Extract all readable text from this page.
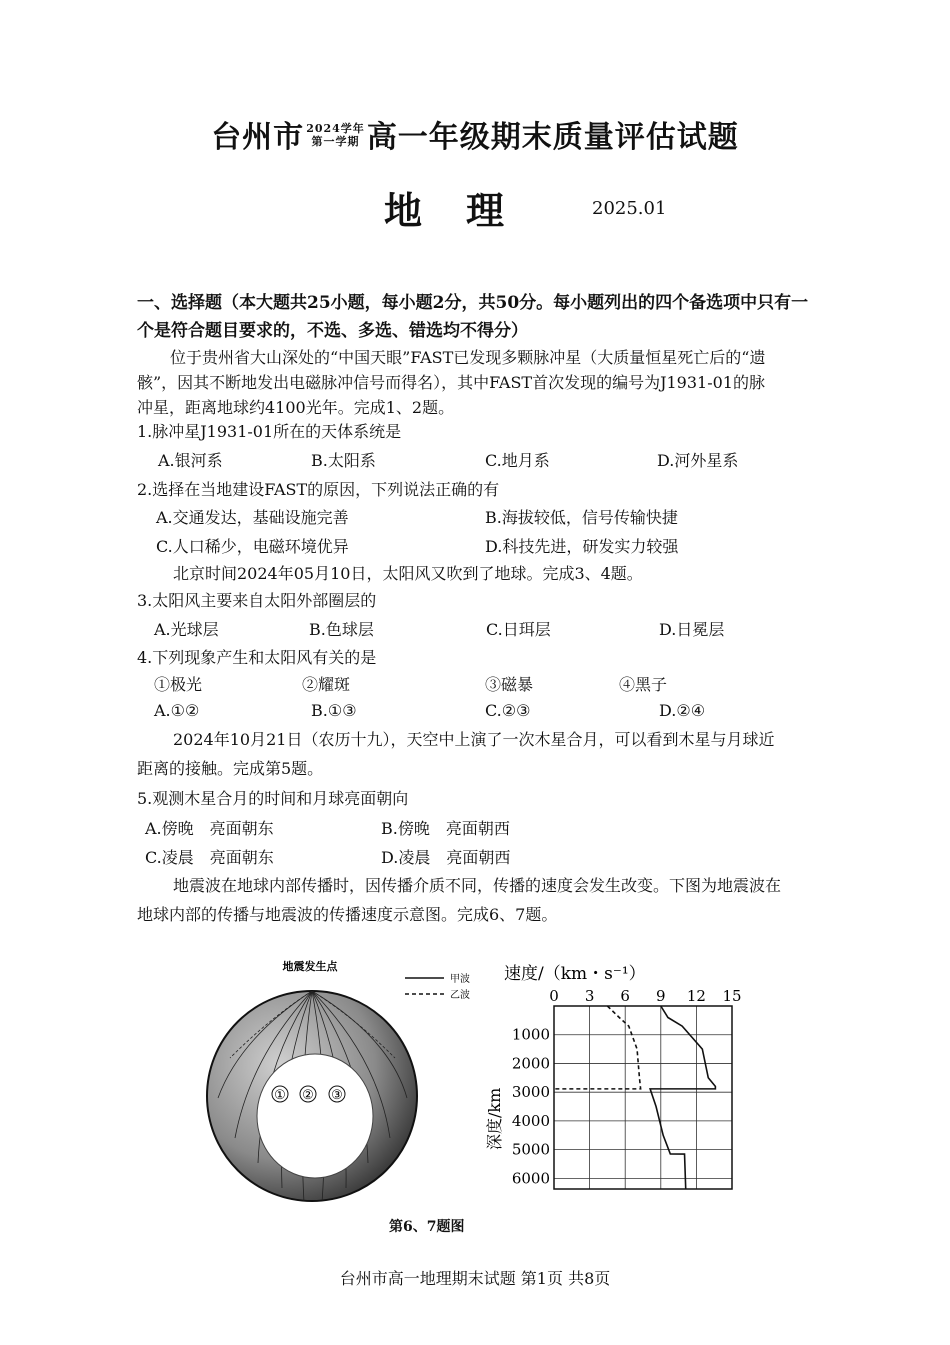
台州市 2024学年
第一学期 高一年级期末质量评估试题
地理 2025.01
一、选择题（本大题共25小题，每小题2分，共50分。每小题列出的四个备选项中只有一
个是符合题目要求的，不选、多选、错选均不得分）
位于贵州省大山深处的“中国天眼”FAST已发现多颗脉冲星（大质量恒星死亡后的“遗
骸”，因其不断地发出电磁脉冲信号而得名），其中FAST首次发现的编号为J1931-01的脉
冲星，距离地球约4100光年。完成1、2题。
1.脉冲星J1931-01所在的天体系统是
A.银河系	B.太阳系	C.地月系	D.河外星系
2.选择在当地建设FAST的原因，下列说法正确的有
A.交通发达，基础设施完善	B.海拔较低，信号传输快捷
C.人口稀少，电磁环境优异	D.科技先进，研发实力较强
北京时间2024年05月10日，太阳风又吹到了地球。完成3、4题。
3.太阳风主要来自太阳外部圈层的
A.光球层	B.色球层	C.日珥层	D.日冕层
4.下列现象产生和太阳风有关的是
①极光	②耀斑	③磁暴	④黑子
A.①②	B.①③	C.②③	D.②④
2024年10月21日（农历十九），天空中上演了一次木星合月，可以看到木星与月球近
距离的接触。完成第5题。
5.观测木星合月的时间和月球亮面朝向
A.傍晚　亮面朝东	B.傍晚　亮面朝西
C.凌晨　亮面朝东	D.凌晨　亮面朝西
地震波在地球内部传播时，因传播介质不同，传播的速度会发生改变。下图为地震波在
地球内部的传播与地震波的传播速度示意图。完成6、7题。
① ② ③
地震发生点
甲波
乙波
速度/（km・s⁻¹）
0 3 6 9 12 15
1000
2000
3000
4000
5000
6000
深度/km
第6、7题图
台州市高一地理期末试题 第1页 共8页
